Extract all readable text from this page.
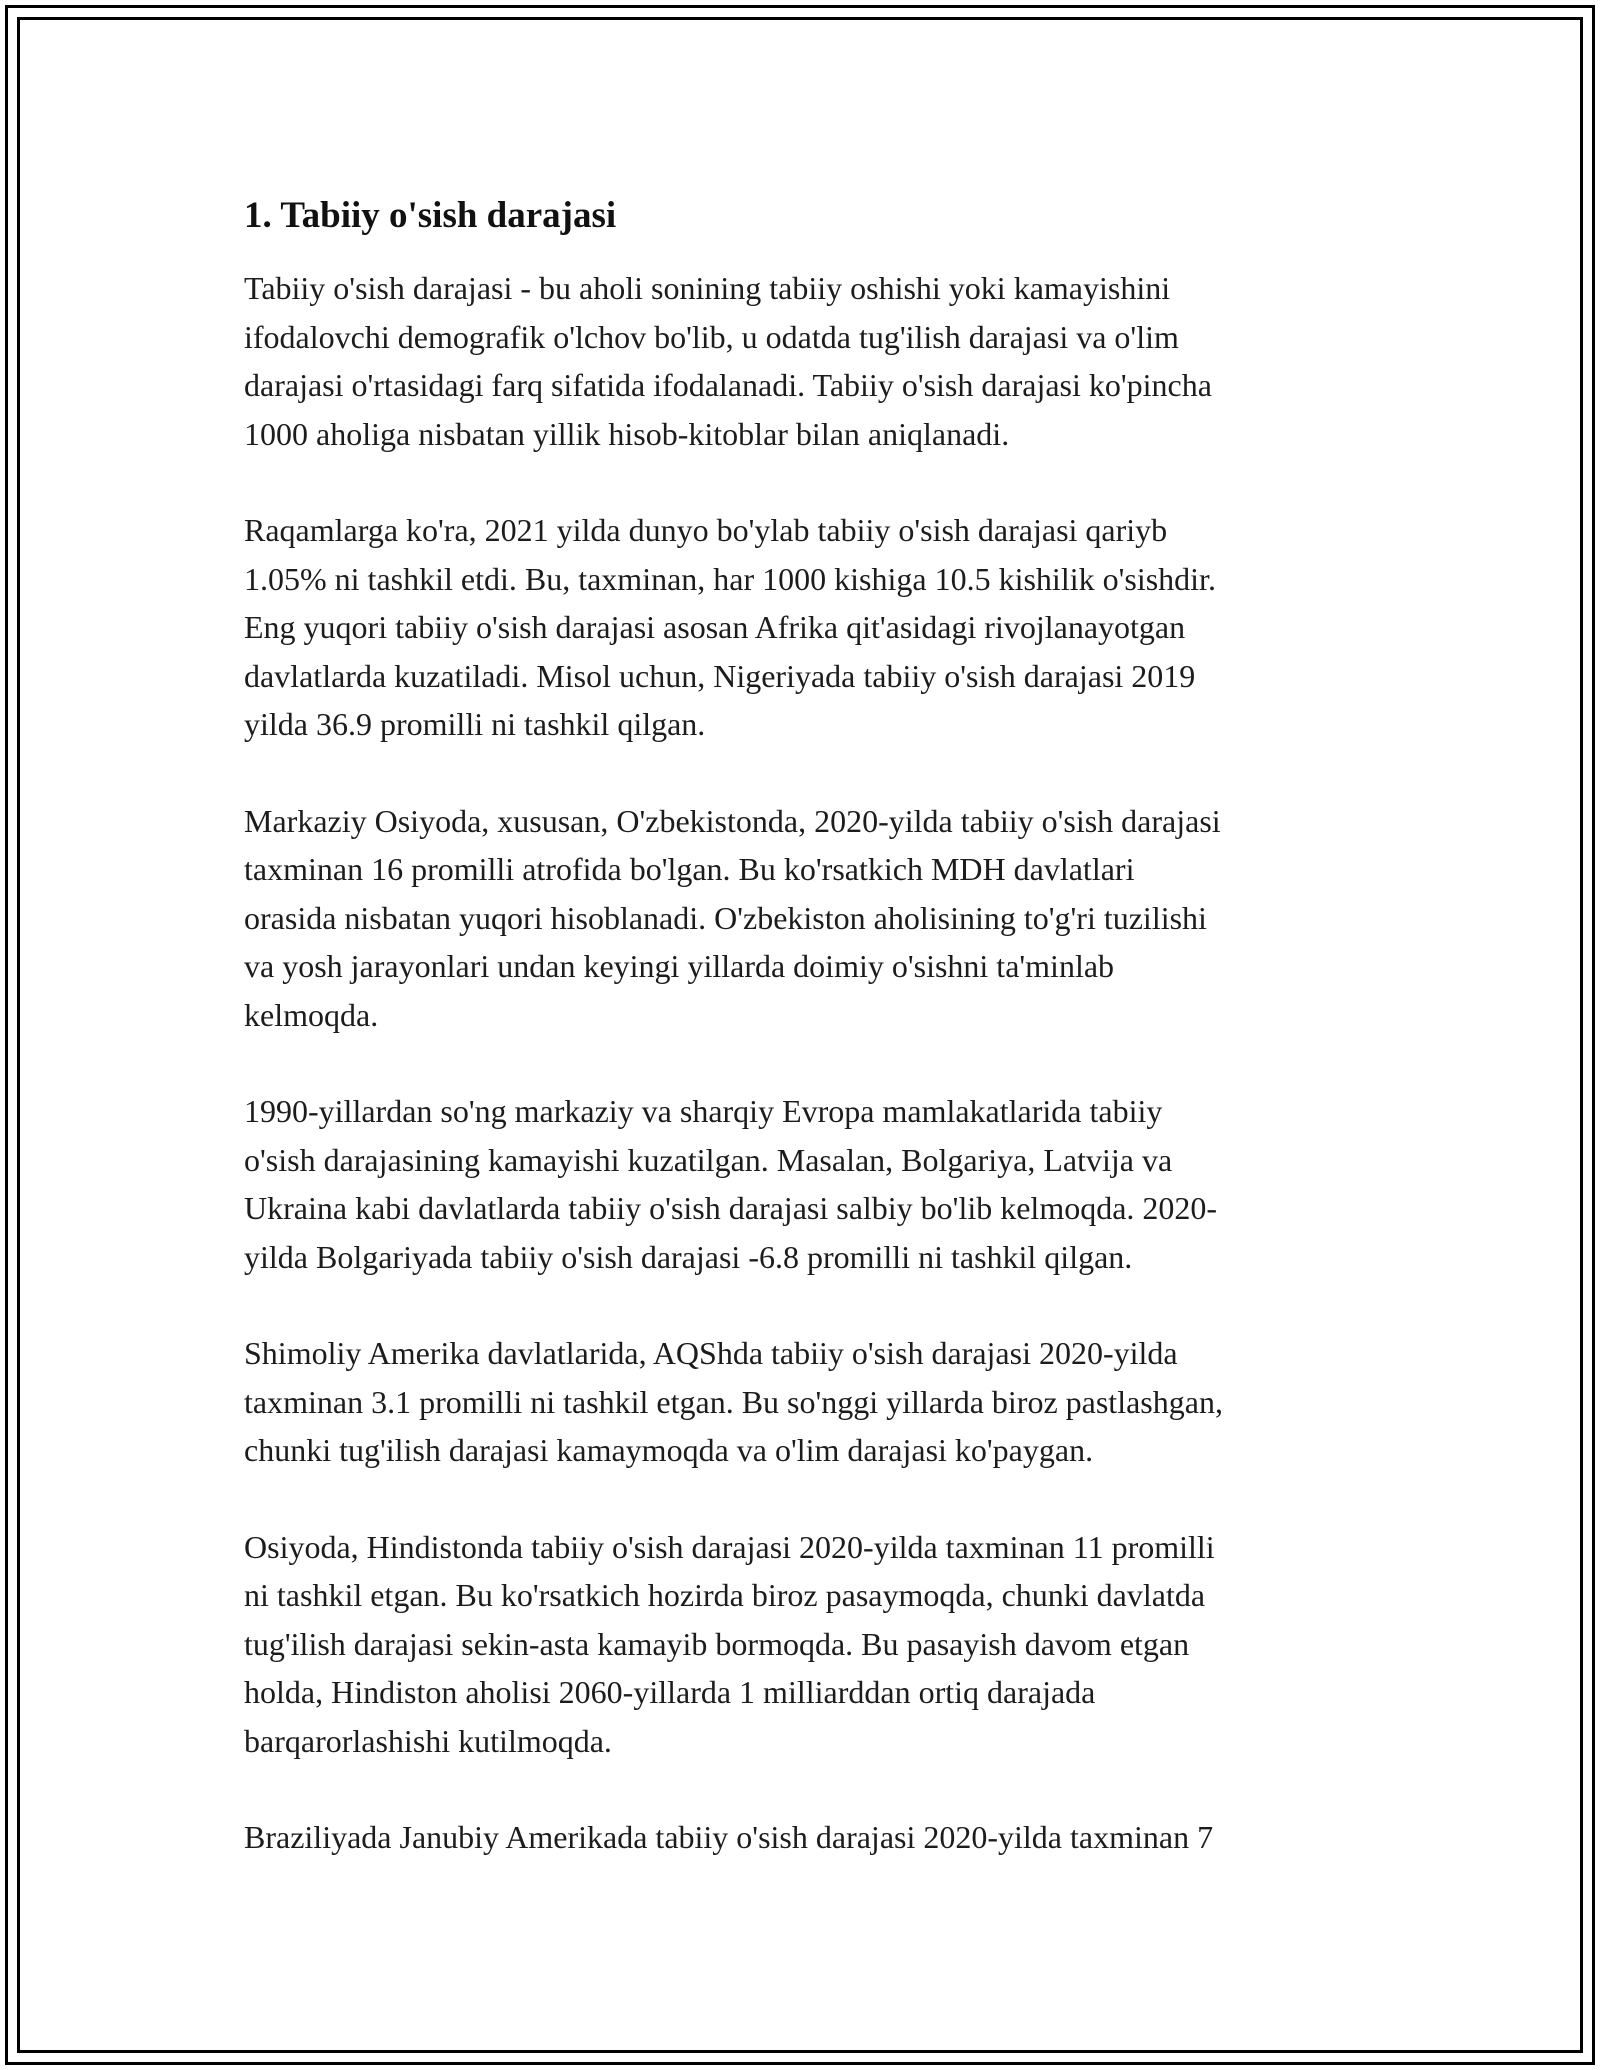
1. Tabiiy o'sish darajasi

Tabiiy o'sish darajasi - bu aholi sonining tabiiy oshishi yoki kamayishini
ifodalovchi demografik o'lchov bo'lib, u odatda tug'ilish darajasi va o'lim
darajasi o'rtasidagi farq sifatida ifodalanadi. Tabiiy o'sish darajasi ko'pincha
1000 aholiga nisbatan yillik hisob-kitoblar bilan aniqlanadi.

Raqamlarga ko'ra, 2021 yilda dunyo bo'ylab tabiiy o'sish darajasi qariyb
1.05% ni tashkil etdi. Bu, taxminan, har 1000 kishiga 10.5 kishilik o'sishdir.
Eng yuqori tabiiy o'sish darajasi asosan Afrika qit'asidagi rivojlanayotgan
davlatlarda kuzatiladi. Misol uchun, Nigeriyada tabiiy o'sish darajasi 2019
yilda 36.9 promilli ni tashkil qilgan.

Markaziy Osiyoda, xususan, O'zbekistonda, 2020-yilda tabiiy o'sish darajasi
taxminan 16 promilli atrofida bo'lgan. Bu ko'rsatkich MDH davlatlari
orasida nisbatan yuqori hisoblanadi. O'zbekiston aholisining to'g'ri tuzilishi
va yosh jarayonlari undan keyingi yillarda doimiy o'sishni ta'minlab
kelmoqda.

1990-yillardan so'ng markaziy va sharqiy Evropa mamlakatlarida tabiiy
o'sish darajasining kamayishi kuzatilgan. Masalan, Bolgariya, Latvija va
Ukraina kabi davlatlarda tabiiy o'sish darajasi salbiy bo'lib kelmoqda. 2020-
yilda Bolgariyada tabiiy o'sish darajasi -6.8 promilli ni tashkil qilgan.

Shimoliy Amerika davlatlarida, AQShda tabiiy o'sish darajasi 2020-yilda
taxminan 3.1 promilli ni tashkil etgan. Bu so'nggi yillarda biroz pastlashgan,
chunki tug'ilish darajasi kamaymoqda va o'lim darajasi ko'paygan.

Osiyoda, Hindistonda tabiiy o'sish darajasi 2020-yilda taxminan 11 promilli
ni tashkil etgan. Bu ko'rsatkich hozirda biroz pasaymoqda, chunki davlatda
tug'ilish darajasi sekin-asta kamayib bormoqda. Bu pasayish davom etgan
holda, Hindiston aholisi 2060-yillarda 1 milliarddan ortiq darajada
barqarorlashishi kutilmoqda.

Braziliyada Janubiy Amerikada tabiiy o'sish darajasi 2020-yilda taxminan 7
